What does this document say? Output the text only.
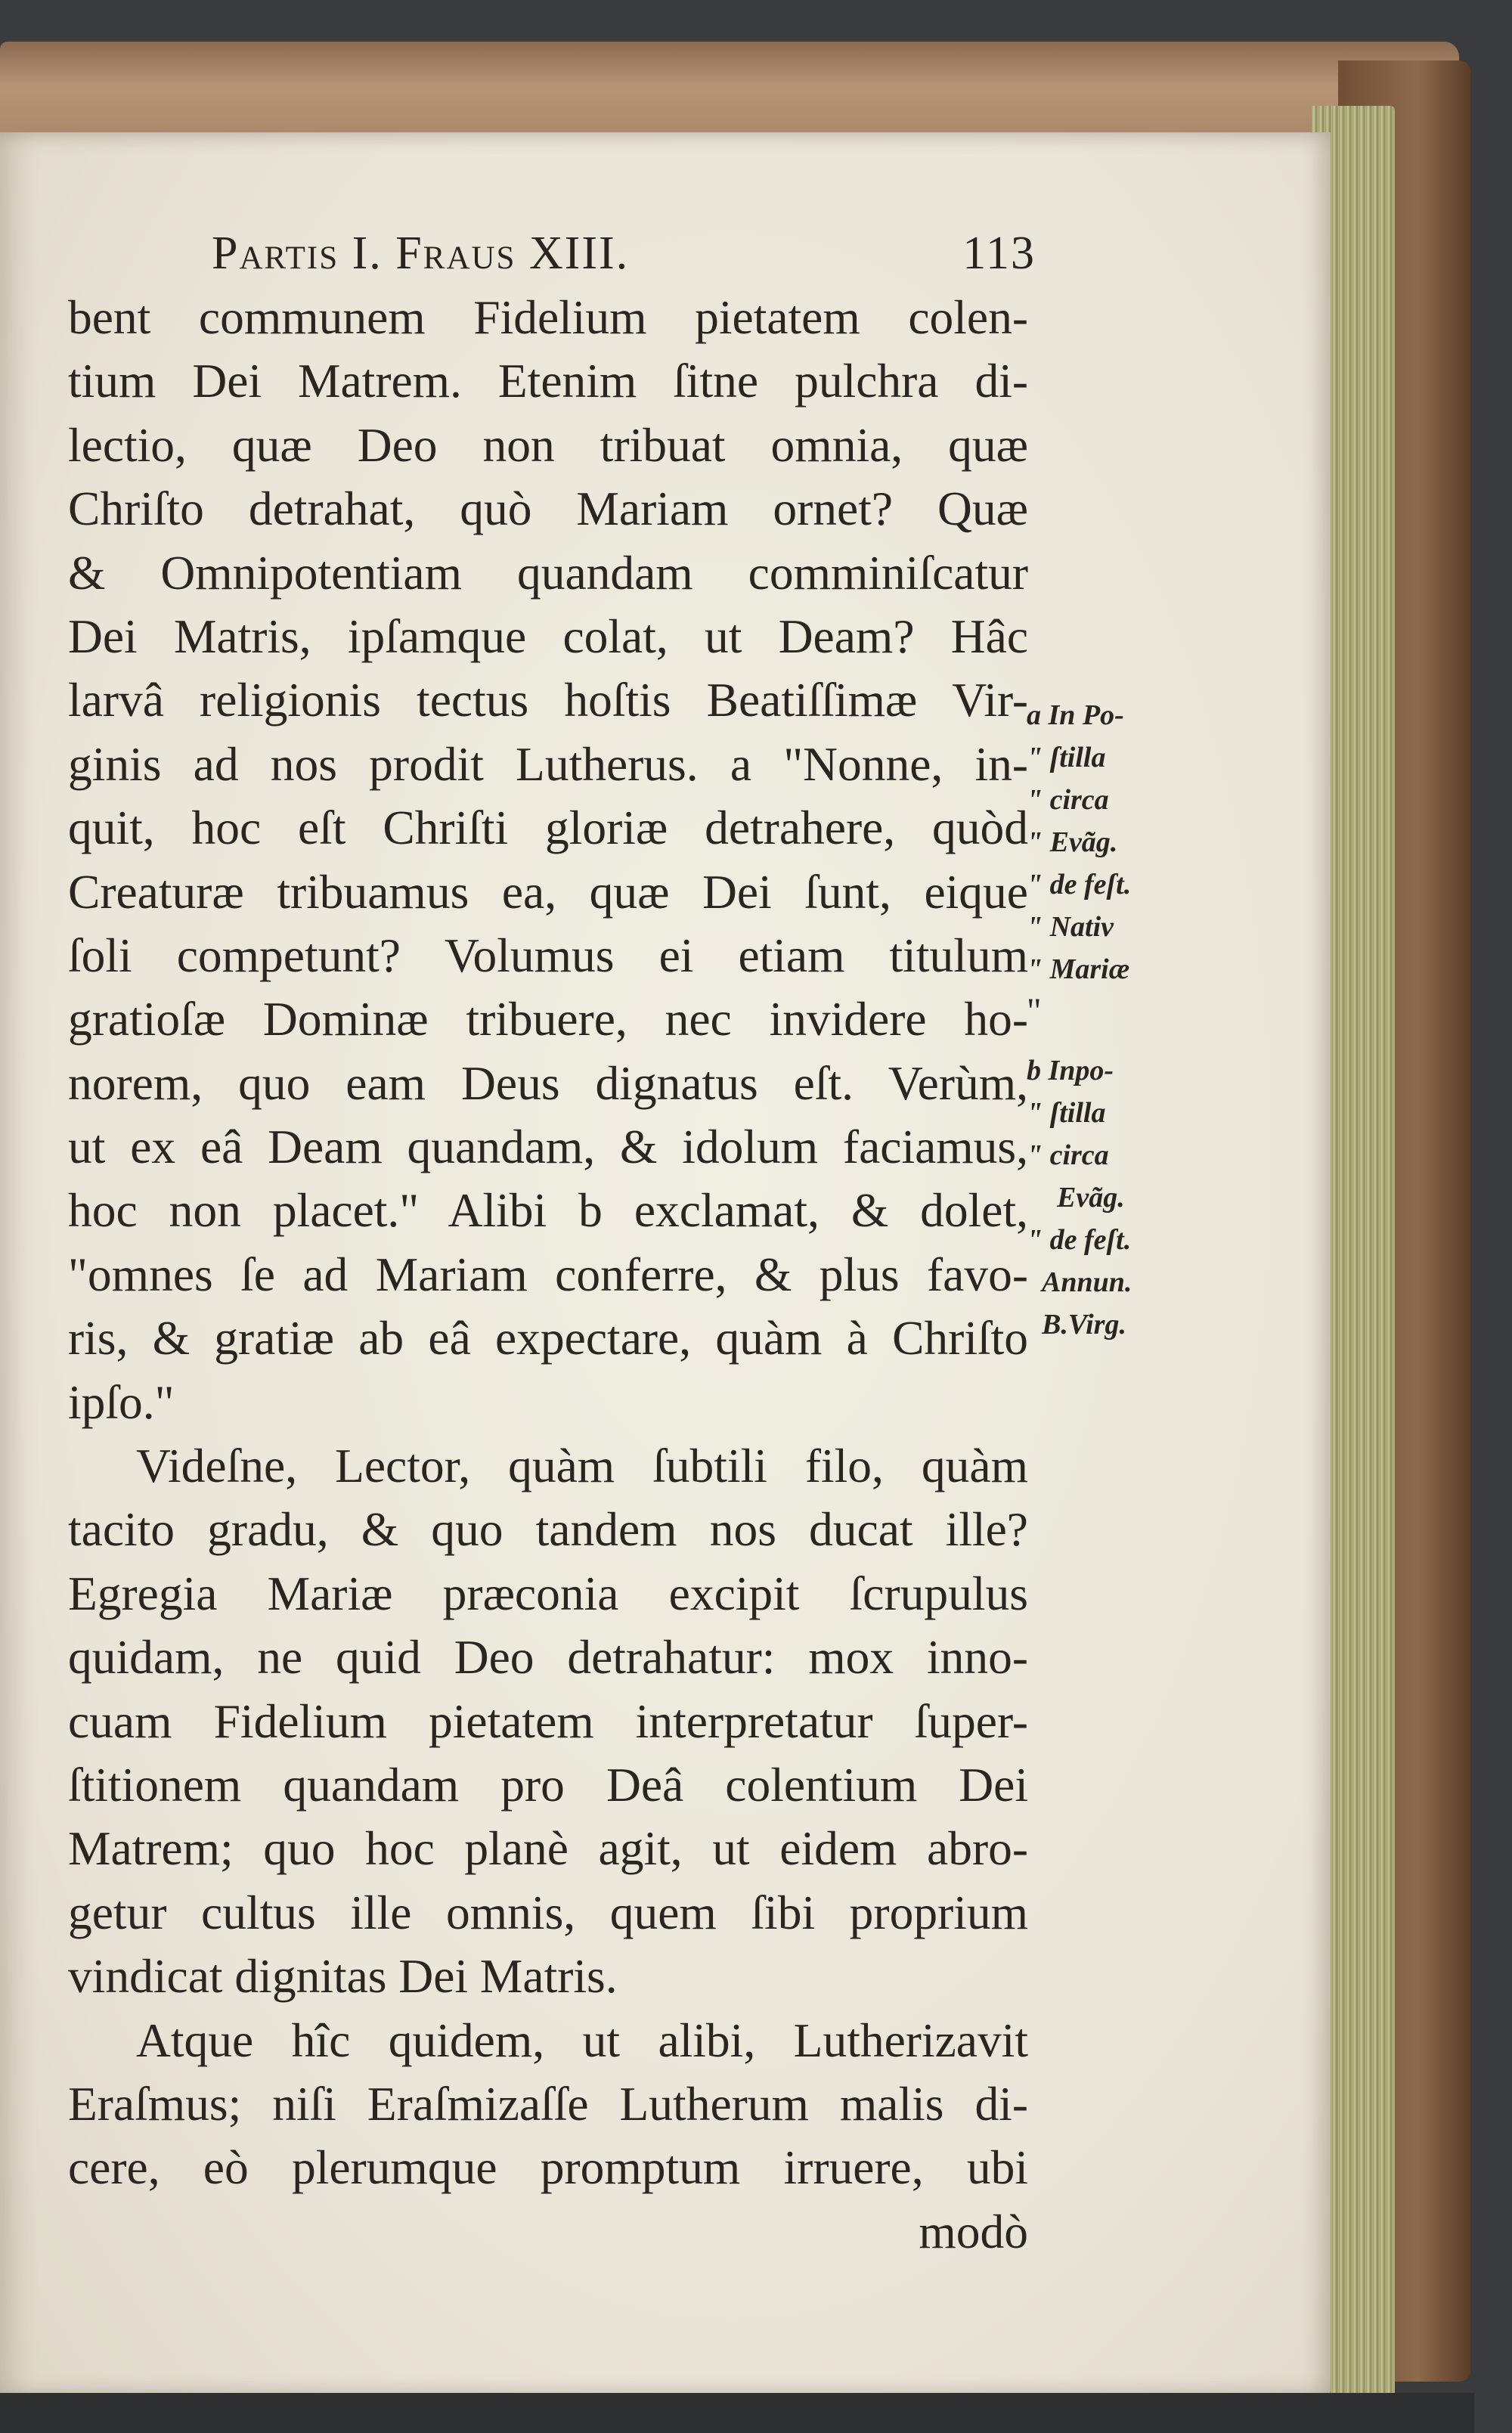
Partis I. Fraus XIII.	113
bent communem Fidelium pietatem colen-
tium Dei Matrem. Etenim ſitne pulchra di-
lectio, quæ Deo non tribuat omnia, quæ
Chriſto detrahat, quò Mariam ornet? Quæ
& Omnipotentiam quandam comminiſcatur
Dei Matris, ipſamque colat, ut Deam? Hâc
larvâ religionis tectus hoſtis Beatiſſimæ Vir-
ginis ad nos prodit Lutherus. a "Nonne, in-
quit, hoc eſt Chriſti gloriæ detrahere, quòd
Creaturæ tribuamus ea, quæ Dei ſunt, eique
ſoli competunt? Volumus ei etiam titulum
gratioſæ Dominæ tribuere, nec invidere ho-
norem, quo eam Deus dignatus eſt. Verùm,
ut ex eâ Deam quandam, & idolum faciamus,
hoc non placet." Alibi b exclamat, & dolet,
"omnes ſe ad Mariam conferre, & plus favo-
ris, & gratiæ ab eâ expectare, quàm à Chriſto
ipſo."
Videſne, Lector, quàm ſubtili filo, quàm
tacito gradu, & quo tandem nos ducat ille?
Egregia Mariæ præconia excipit ſcrupulus
quidam, ne quid Deo detrahatur: mox inno-
cuam Fidelium pietatem interpretatur ſuper-
ſtitionem quandam pro Deâ colentium Dei
Matrem; quo hoc planè agit, ut eidem abro-
getur cultus ille omnis, quem ſibi proprium
vindicat dignitas Dei Matris.
Atque hîc quidem, ut alibi, Lutherizavit
Eraſmus; niſi Eraſmizaſſe Lutherum malis di-
cere, eò plerumque promptum irruere, ubi
modò
a In Po-
" ſtilla
" circa
" Evãg.
" de feſt.
" Nativ
" Mariæ
"
b Inpo-
" ſtilla
" circa
Evãg.
" de feſt.
Annun.
B.Virg.
